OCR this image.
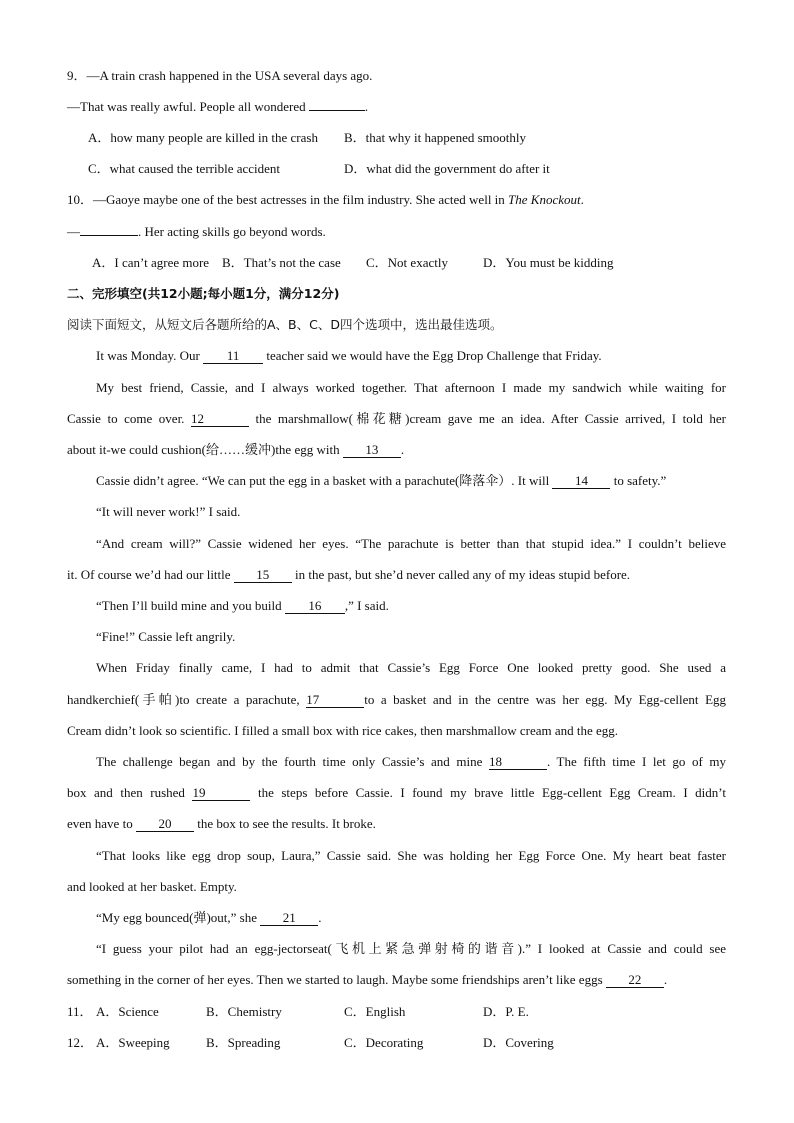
9．—A train crash happened in the USA several days ago.
—That was really awful. People all wondered	.
A．how many people are killed in the crash B．that why it happened smoothly
C．what caused the terrible accident	D．what did the government do after it
10．—Gaoye maybe one of the best actresses in the film industry. She acted well in The Knockout.
—	. Her acting skills go beyond words.
A．I can’t agree more B．That’s not the case C．Not exactly	D．You must be kidding
二、完形填空(共12小题;每小题1分，满分12分)
阅读下面短文，从短文后各题所给的A、B、C、D四个选项中，选出最佳选项。
It was Monday. Our 11 teacher said we would have the Egg Drop Challenge that Friday.
My best friend, Cassie, and I always worked together. That afternoon I made my sandwich while waiting for
Cassie to come over. 12	the marshmallow(棉花糖)cream gave me an idea. After Cassie arrived, I told her
about it-we could cushion(给……缓冲)the egg with 13 .
Cassie didn’t agree. “We can put the egg in a basket with a parachute(降落伞）. It will 14 to safety.”
“It will never work!” I said.
“And cream will?” Cassie widened her eyes. “The parachute is better than that stupid idea.” I couldn’t believe
it. Of course we’d had our little 15 in the past, but she’d never called any of my ideas stupid before.
“Then I’ll build mine and you build 16 ,” I said.
“Fine!” Cassie left angrily.
When Friday finally came, I had to admit that Cassie’s Egg Force One looked pretty good. She used a
handkerchief(手帕)to create a parachute, 17	to a basket and in the centre was her egg. My Egg-cellent Egg
Cream didn’t look so scientific. I filled a small box with rice cakes, then marshmallow cream and the egg.
The challenge began and by the fourth time only Cassie’s and mine 18	. The fifth time I let go of my
box and then rushed 19	the steps before Cassie. I found my brave little Egg-cellent Egg Cream. I didn’t
even have to 20 the box to see the results. It broke.
“That looks like egg drop soup, Laura,” Cassie said. She was holding her Egg Force One. My heart beat faster
and looked at her basket. Empty.
“My egg bounced(弹)out,” she 21 .
“I guess your pilot had an egg-jectorseat(飞机上紧急弹射椅的谐音).” I looked at Cassie and could see
something in the corner of her eyes. Then we started to laugh. Maybe some friendships aren’t like eggs 22 .
11． A．Science	B．Chemistry	C．English	D．P. E.
12． A．Sweeping	B．Spreading	C．Decorating	D．Covering
